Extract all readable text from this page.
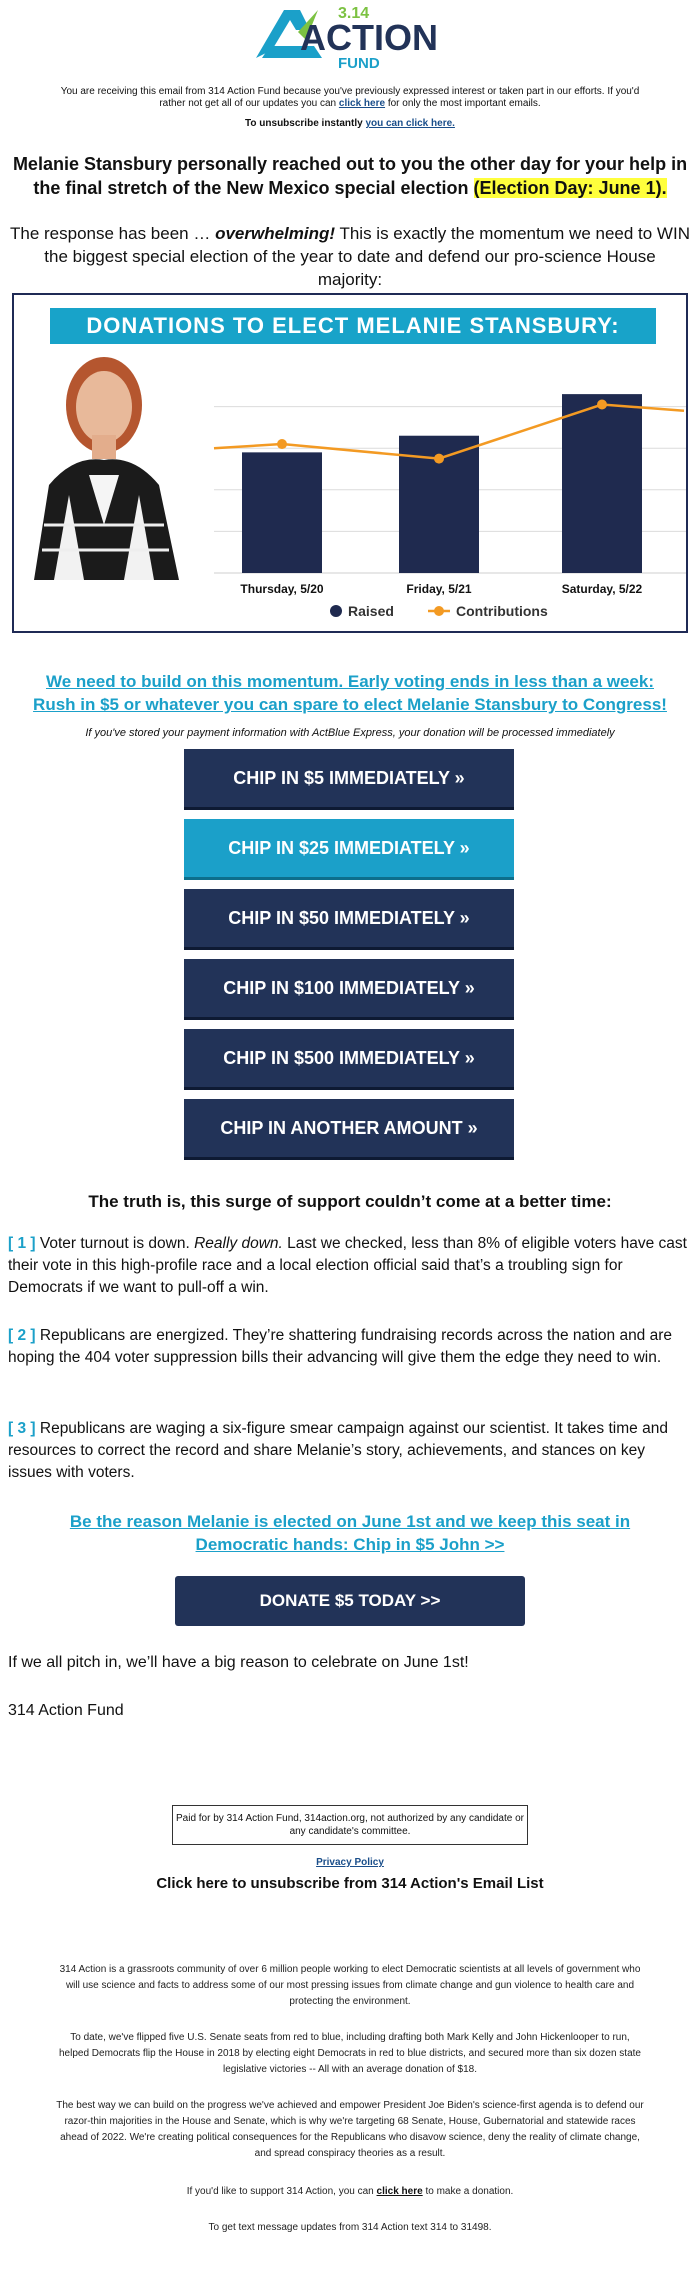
3.14
ACTION
FUND
You are receiving this email from 314 Action Fund because you've previously expressed interest or taken part in our efforts. If you'd rather not get all of our updates you can click here for only the most important emails.
To unsubscribe instantly you can click here.
Melanie Stansbury personally reached out to you the other day for your help in the final stretch of the New Mexico special election (Election Day: June 1).
The response has been … overwhelming! This is exactly the momentum we need to WIN the biggest special election of the year to date and defend our pro-science House majority:
DONATIONS TO ELECT MELANIE STANSBURY:
Thursday, 5/20	Friday, 5/21	Saturday, 5/22
Raised	Contributions
We need to build on this momentum. Early voting ends in less than a week:
Rush in $5 or whatever you can spare to elect Melanie Stansbury to Congress!
If you've stored your payment information with ActBlue Express, your donation will be processed immediately
CHIP IN $5 IMMEDIATELY »
CHIP IN $25 IMMEDIATELY »
CHIP IN $50 IMMEDIATELY »
CHIP IN $100 IMMEDIATELY »
CHIP IN $500 IMMEDIATELY »
CHIP IN ANOTHER AMOUNT »
The truth is, this surge of support couldn’t come at a better time:
[ 1 ] Voter turnout is down. Really down. Last we checked, less than 8% of eligible voters have cast their vote in this high-profile race and a local election official said that’s a troubling sign for Democrats if we want to pull-off a win.
[ 2 ] Republicans are energized. They’re shattering fundraising records across the nation and are hoping the 404 voter suppression bills their advancing will give them the edge they need to win.
[ 3 ] Republicans are waging a six-figure smear campaign against our scientist. It takes time and resources to correct the record and share Melanie’s story, achievements, and stances on key issues with voters.
Be the reason Melanie is elected on June 1st and we keep this seat in Democratic hands: Chip in $5 John >>
DONATE $5 TODAY >>
If we all pitch in, we’ll have a big reason to celebrate on June 1st!
314 Action Fund
Paid for by 314 Action Fund, 314action.org, not authorized by any candidate or any candidate's committee.
Privacy Policy
Click here to unsubscribe from 314 Action's Email List
314 Action is a grassroots community of over 6 million people working to elect Democratic scientists at all levels of government who will use science and facts to address some of our most pressing issues from climate change and gun violence to health care and protecting the environment.
To date, we've flipped five U.S. Senate seats from red to blue, including drafting both Mark Kelly and John Hickenlooper to run, helped Democrats flip the House in 2018 by electing eight Democrats in red to blue districts, and secured more than six dozen state legislative victories -- All with an average donation of $18.
The best way we can build on the progress we've achieved and empower President Joe Biden's science-first agenda is to defend our razor-thin majorities in the House and Senate, which is why we're targeting 68 Senate, House, Gubernatorial and statewide races ahead of 2022. We're creating political consequences for the Republicans who disavow science, deny the reality of climate change, and spread conspiracy theories as a result.
If you'd like to support 314 Action, you can click here to make a donation.
To get text message updates from 314 Action text 314 to 31498.
